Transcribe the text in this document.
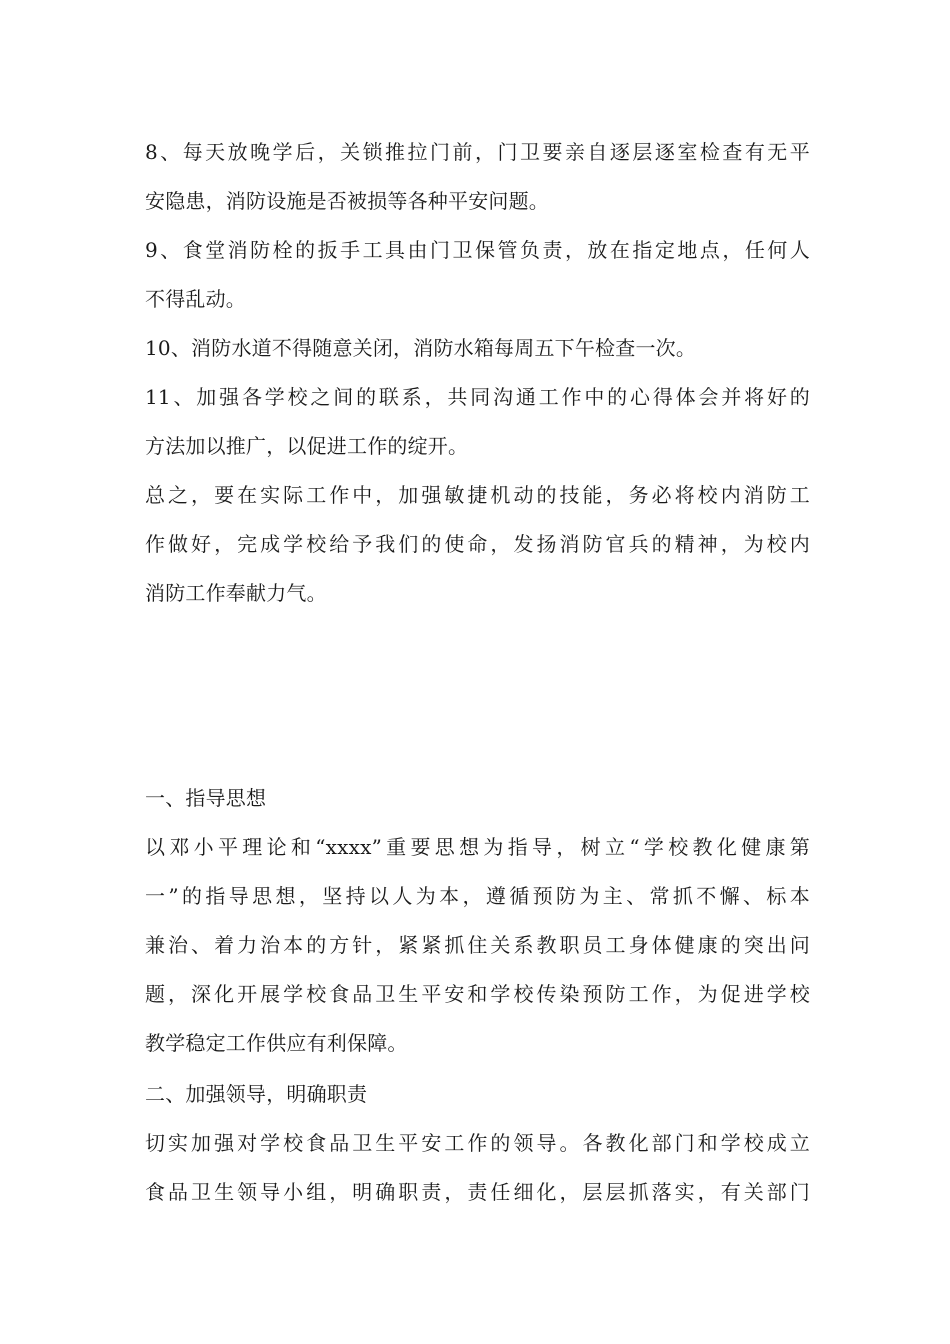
8、每天放晚学后，关锁推拉门前，门卫要亲自逐层逐室检查有无平
安隐患，消防设施是否被损等各种平安问题。
9、食堂消防栓的扳手工具由门卫保管负责，放在指定地点，任何人
不得乱动。
10、消防水道不得随意关闭，消防水箱每周五下午检查一次。
11、加强各学校之间的联系，共同沟通工作中的心得体会并将好的
方法加以推广，以促进工作的绽开。
总之，要在实际工作中，加强敏捷机动的技能，务必将校内消防工
作做好，完成学校给予我们的使命，发扬消防官兵的精神，为校内
消防工作奉献力气。
一、指导思想
以邓小平理论和“xxxx”重要思想为指导，树立“学校教化健康第
一”的指导思想，坚持以人为本，遵循预防为主、常抓不懈、标本
兼治、着力治本的方针，紧紧抓住关系教职员工身体健康的突出问
题，深化开展学校食品卫生平安和学校传染预防工作，为促进学校
教学稳定工作供应有利保障。
二、加强领导，明确职责
切实加强对学校食品卫生平安工作的领导。各教化部门和学校成立
食品卫生领导小组，明确职责，责任细化，层层抓落实，有关部门
